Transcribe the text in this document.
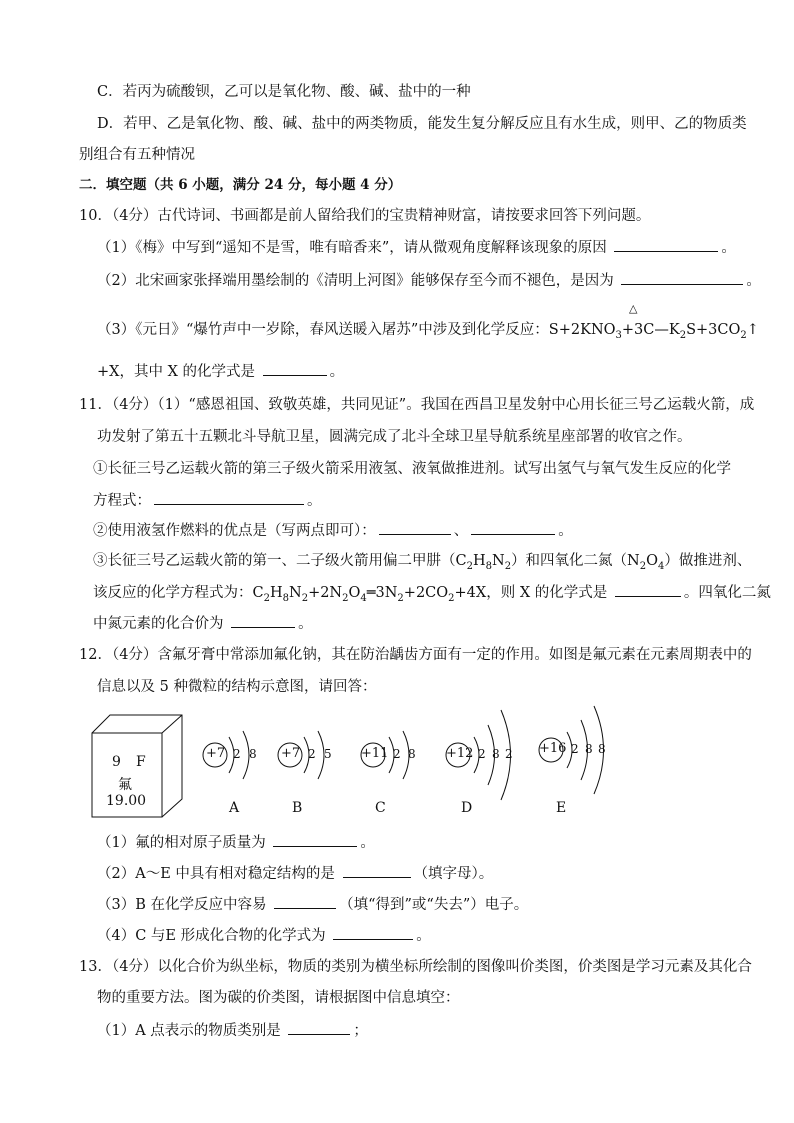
C．若丙为硫酸钡，乙可以是氧化物、酸、碱、盐中的一种
D．若甲、乙是氧化物、酸、碱、盐中的两类物质，能发生复分解反应且有水生成，则甲、乙的物质类
别组合有五种情况
二．填空题（共 6 小题，满分 24 分，每小题 4 分）
10．（4分）古代诗词、书画都是前人留给我们的宝贵精神财富，请按要求回答下列问题。
（1）《梅》中写到“遥知不是雪，唯有暗香来”，请从微观角度解释该现象的原因	。
（2）北宋画家张择端用墨绘制的《清明上河图》能够保存至今而不褪色，是因为	。
△
（3）《元日》“爆竹声中一岁除，春风送暖入屠苏”中涉及到化学反应：$S+2KNO_3+3C—K_2S+3CO_2↑$
+X，其中 X 的化学式是	。
11．（4分）（1）“感恩祖国、致敬英雄，共同见证”。我国在西昌卫星发射中心用长征三号乙运载火箭，成
功发射了第五十五颗北斗导航卫星，圆满完成了北斗全球卫星导航系统星座部署的收官之作。
①长征三号乙运载火箭的第三子级火箭采用液氢、液氧做推进剂。试写出氢气与氧气发生反应的化学
方程式：	。
②使用液氢作燃料的优点是（写两点即可）：	、	。
③长征三号乙运载火箭的第一、二子级火箭用偏二甲肼$(C_2H_8N_2)$和四氧化二氮$(N_2O_4)$做推进剂、
该反应的化学方程式为：$C_2H_8N_2+2N_2O_4═3N_2+2CO_2+4X$，则 X 的化学式是	。四氧化二氮
中氮元素的化合价为	。
12．（4分）含氟牙膏中常添加氟化钠，其在防治龋齿方面有一定的作用。如图是氟元素在元素周期表中的
信息以及 5 种微粒的结构示意图，请回答：
9 F
氟
19.00
+7 2 8
A
+7 2 5
B
+11 2 8
C
+12 2 8 2
D
+16 2 8 8
E
（1）氟的相对原子质量为	。
（2）A～E 中具有相对稳定结构的是	（填字母）。
（3）B 在化学反应中容易	（填“得到”或“失去”）电子。
（4）C 与E 形成化合物的化学式为	。
13．（4分）以化合价为纵坐标，物质的类别为横坐标所绘制的图像叫价类图，价类图是学习元素及其化合
物的重要方法。图为碳的价类图，请根据图中信息填空：
（1）A 点表示的物质类别是	；
